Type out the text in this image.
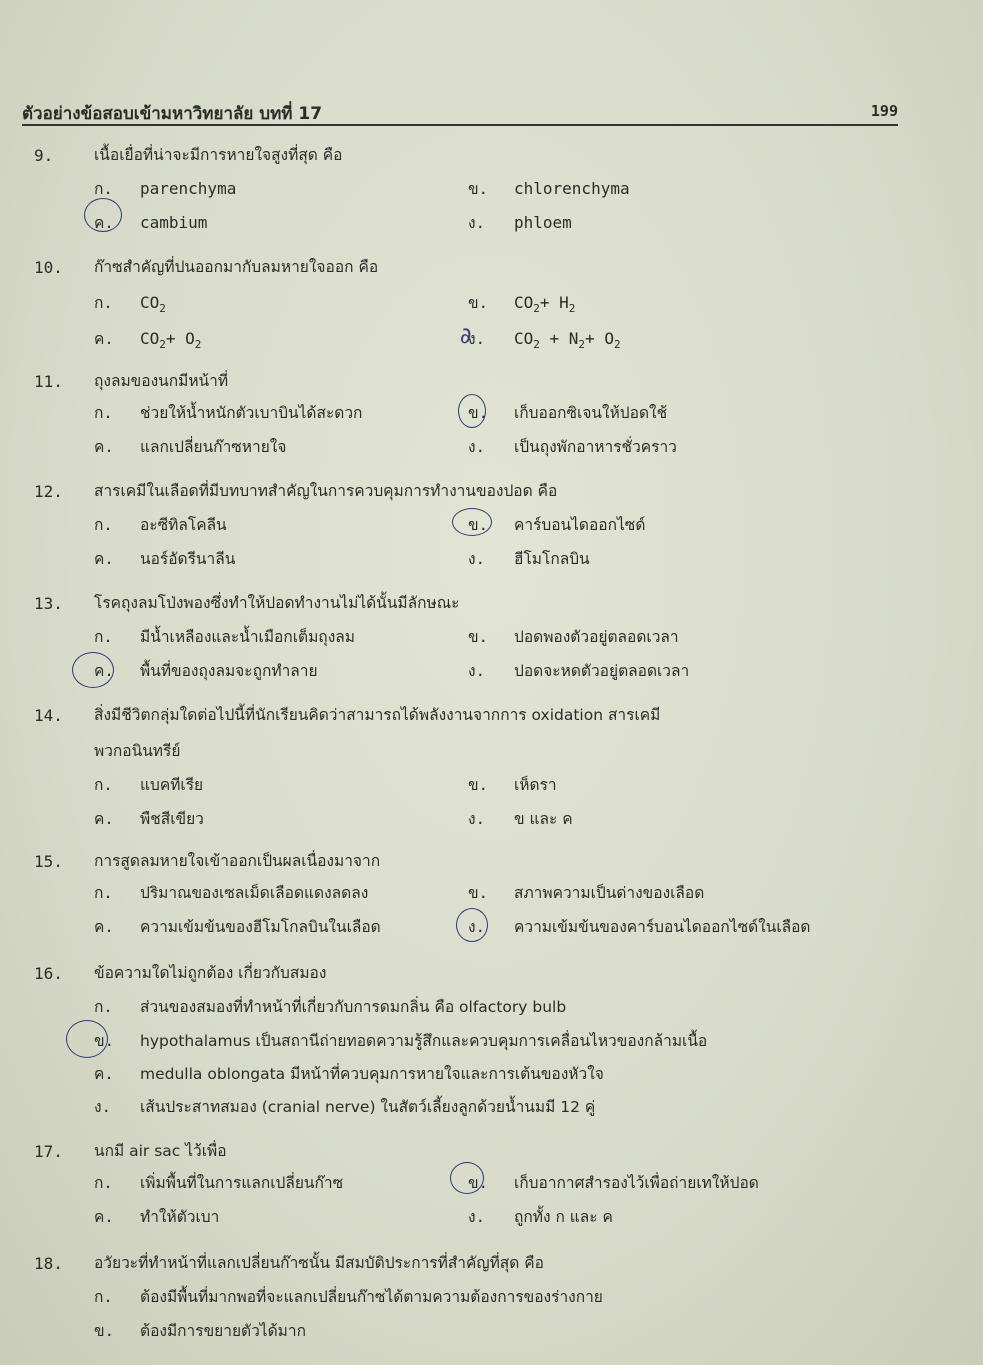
ตัวอย่างข้อสอบเข้ามหาวิทยาลัย บทที่ 17	199
9.	เนื้อเยื่อที่น่าจะมีการหายใจสูงที่สุด คือ
ก. parenchyma	ข. chlorenchyma
ค. cambium	ง. phloem
10. ก๊าซสำคัญที่ปนออกมากับลมหายใจออก คือ
ก. $CO_2$	ข. $CO_2+ H_2$
ค. $CO_2+ O_2$	ง. $CO_2 + N_2+ O_2$
∂
11. ถุงลมของนกมีหน้าที่
ก. ช่วยให้น้ำหนักตัวเบาบินได้สะดวก	ข. เก็บออกซิเจนให้ปอดใช้
ค. แลกเปลี่ยนก๊าซหายใจ	ง. เป็นถุงพักอาหารชั่วคราว
12. สารเคมีในเลือดที่มีบทบาทสำคัญในการควบคุมการทำงานของปอด คือ
ก. อะซีทิลโคลีน	ข. คาร์บอนไดออกไซด์
ค. นอร์อัดรีนาลีน	ง. ฮีโมโกลบิน
13. โรคถุงลมโป่งพองซึ่งทำให้ปอดทำงานไม่ได้นั้นมีลักษณะ
ก. มีน้ำเหลืองและน้ำเมือกเต็มถุงลม	ข. ปอดพองตัวอยู่ตลอดเวลา
ค. พื้นที่ของถุงลมจะถูกทำลาย	ง. ปอดจะหดตัวอยู่ตลอดเวลา
14. สิ่งมีชีวิตกลุ่มใดต่อไปนี้ที่นักเรียนคิดว่าสามารถได้พลังงานจากการ oxidation สารเคมี
พวกอนินทรีย์
ก. แบคทีเรีย	ข. เห็ดรา
ค. พืชสีเขียว	ง. ข และ ค
15. การสูดลมหายใจเข้าออกเป็นผลเนื่องมาจาก
ก. ปริมาณของเซลเม็ดเลือดแดงลดลง	ข. สภาพความเป็นด่างของเลือด
ค. ความเข้มข้นของฮีโมโกลบินในเลือด	ง. ความเข้มข้นของคาร์บอนไดออกไซด์ในเลือด
16. ข้อความใดไม่ถูกต้อง เกี่ยวกับสมอง
ก. ส่วนของสมองที่ทำหน้าที่เกี่ยวกับการดมกลิ่น คือ olfactory bulb
ข. hypothalamus เป็นสถานีถ่ายทอดความรู้สึกและควบคุมการเคลื่อนไหวของกล้ามเนื้อ
ค. medulla oblongata มีหน้าที่ควบคุมการหายใจและการเต้นของหัวใจ
ง. เส้นประสาทสมอง (cranial nerve) ในสัตว์เลี้ยงลูกด้วยน้ำนมมี 12 คู่
17. นกมี air sac ไว้เพื่อ
ก. เพิ่มพื้นที่ในการแลกเปลี่ยนก๊าซ	ข. เก็บอากาศสำรองไว้เพื่อถ่ายเทให้ปอด
ค. ทำให้ตัวเบา	ง. ถูกทั้ง ก และ ค
18. อวัยวะที่ทำหน้าที่แลกเปลี่ยนก๊าซนั้น มีสมบัติประการที่สำคัญที่สุด คือ
ก. ต้องมีพื้นที่มากพอที่จะแลกเปลี่ยนก๊าซได้ตามความต้องการของร่างกาย
ข. ต้องมีการขยายตัวได้มาก
